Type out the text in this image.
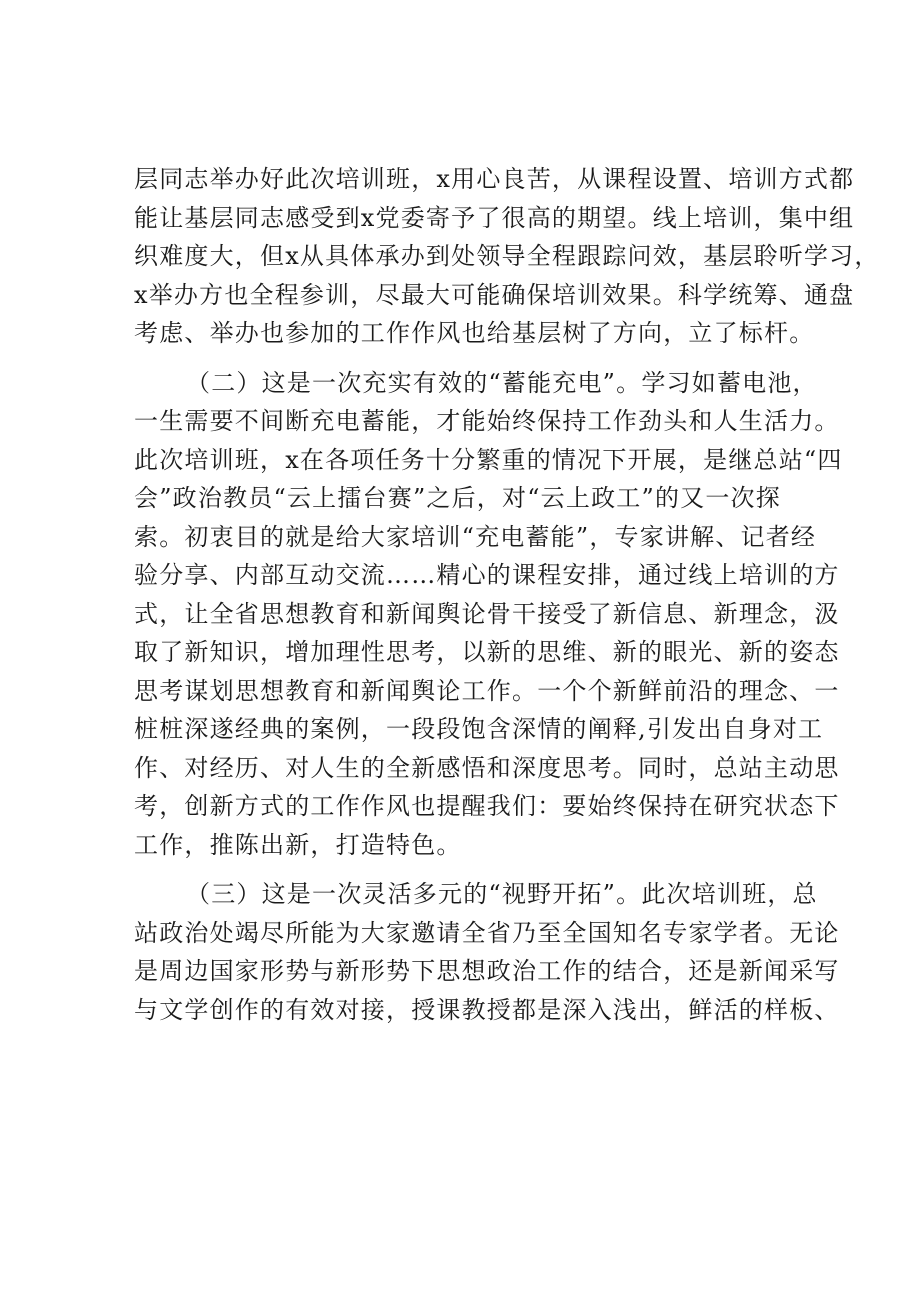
层同志举办好此次培训班，x用心良苦，从课程设置、培训方式都
能让基层同志感受到x党委寄予了很高的期望。线上培训，集中组
织难度大，但x从具体承办到处领导全程跟踪问效，基层聆听学习，
x举办方也全程参训，尽最大可能确保培训效果。科学统筹、通盘
考虑、举办也参加的工作作风也给基层树了方向，立了标杆。
（二）这是一次充实有效的“蓄能充电”。学习如蓄电池，
一生需要不间断充电蓄能，才能始终保持工作劲头和人生活力。
此次培训班，x在各项任务十分繁重的情况下开展，是继总站“四
会”政治教员“云上擂台赛”之后，对“云上政工”的又一次探
索。初衷目的就是给大家培训“充电蓄能”，专家讲解、记者经
验分享、内部互动交流……精心的课程安排，通过线上培训的方
式，让全省思想教育和新闻舆论骨干接受了新信息、新理念，汲
取了新知识，增加理性思考，以新的思维、新的眼光、新的姿态
思考谋划思想教育和新闻舆论工作。一个个新鲜前沿的理念、一
桩桩深遂经典的案例，一段段饱含深情的阐释,引发出自身对工
作、对经历、对人生的全新感悟和深度思考。同时，总站主动思
考，创新方式的工作作风也提醒我们：要始终保持在研究状态下
工作，推陈出新，打造特色。
（三）这是一次灵活多元的“视野开拓”。此次培训班，总
站政治处竭尽所能为大家邀请全省乃至全国知名专家学者。无论
是周边国家形势与新形势下思想政治工作的结合，还是新闻采写
与文学创作的有效对接，授课教授都是深入浅出，鲜活的样板、
